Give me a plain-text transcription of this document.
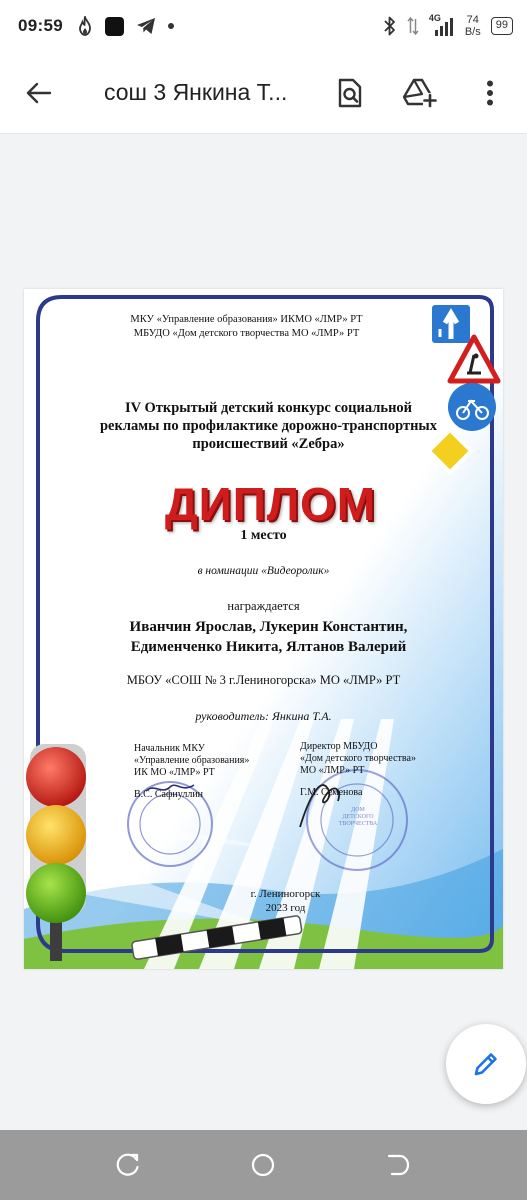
09:59	4G 74
B/s
99
сош 3 Янкина Т...
МКУ «Управление образования» ИКМО «ЛМР» РТ
МБУДО «Дом детского творчества МО «ЛМР» РТ
IV Открытый детский конкурс социальной
рекламы по профилактике дорожно-транспортных
происшествий «Zебра»
ДИПЛОМ
1 место
в номинации «Видеоролик»
награждается
Иванчин Ярослав, Лукерин Константин,
Едименченко Никита, Ялтанов Валерий
МБОУ «СОШ № 3 г.Лениногорска» МО «ЛМР» РТ
руководитель: Янкина Т.А.
Начальник МКУ
«Управление образования»
ИК МО «ЛМР» РТ
В.С. Сафиуллин
Директор МБУДО
«Дом детского творчества»
МО «ЛМР» РТ
Г.М. Семенова
ДОМ ДЕТСКОГО ТВОРЧЕСТВА
г. Лениногорск
2023 год
